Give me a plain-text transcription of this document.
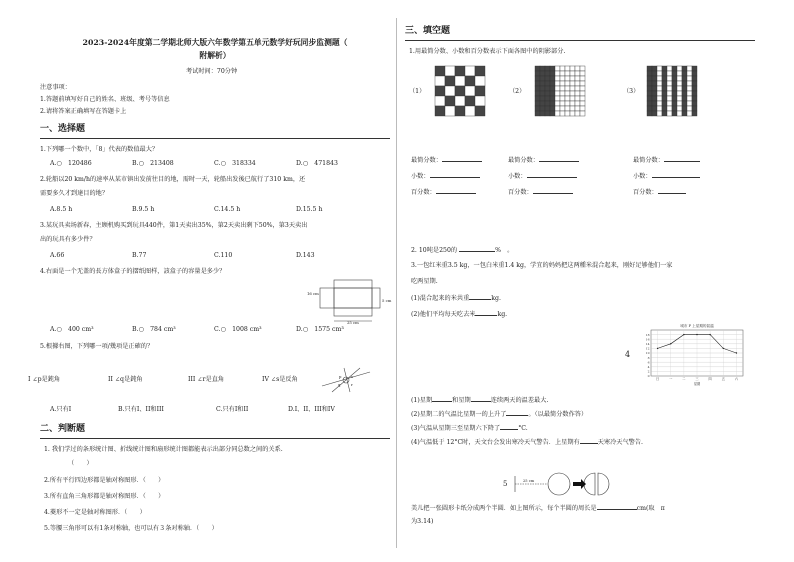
2023-2024年度第二学期北师大版六年数学第五单元数学好玩同步监测题（
附解析）
考试时间：70分钟
注意事项：
1.答题前填写好自己的姓名、班级、考号等信息
2.请将答案正确填写在答题卡上
一、选择题
1.下列哪一个数中，「8」代表的数值最大？
A.○　120486	B.○　213408	C.○　318334	D.○　471843
2.轮船以20 km/h的速率从某市镇出发前往目的地，需时一天，轮船出发後已航行了310 km，还
需要多久才到達目的地？
A.8.5 h	B.9.5 h	C.14.5 h	D.15.5 h
3.某玩具卖场新春，主顾机购买到玩具440件，第1天卖出35%，第2天卖出剩下50%，第3天卖出
出的玩具有多少件？
A.66	B.77	C.110	D.143
4.右面是一个无盖的長方体盒子的摺纸图样，該盒子的容量是多少？
16 cm
5 cm
25 cm
A.○　400 cm³	B.○　784 cm³	C.○　1008 cm³	D.○　1575 cm³
5.根據右图，下列哪一項/幾項是正確的？
I ∠p是鈍角	II ∠q是鈍角	III ∠r是直角	IV ∠s是反角	p	s
q	r
A.只有I	B.只有I、II和III	C.只有I和II	D.I、II、III和IV
二、判断题
1. 我们学过的条形统计图、折线统计图和扇形统计图都能表示出部分同总数之间的关系.
（　　）
2.所有平行四边形都是轴对称图形．（　　）
3.所有直角三角形都是轴对称图形．（　　）
4.菱形不一定是轴对称图形．（　　）
5.等腰三角形可以有1条对称轴，也可以有３条对称轴．（　　）
三、填空题
1.用最简分数、小数和百分数表示下面各图中的阴影部分.
（1）	（2）	（3）
最简分数：	最简分数：	最简分数：
小数：	小数：	小数：
百分数：	百分数：	百分数：
2. 10吨是250的	%　。
3.一包红米重3.5 kg，一包白米重1.4 kg，学宜的妈妈把这两種米混合起来，刚好足够他们一家
吃两星期.
(1)混合起来的米共重	kg.
(2)他们平均每天吃去米	kg.
4
城市 P 上星期的氣溫
0
2
4
6
8
10
12
14
16
18
日	一	二	三	四	五	六
星期
(1)星期	和星期	连续两天的温差最大.
(2)星期二的气温比星期一的上升了	。（以最简分数作答）
(3)气温从星期三至星期六下降了	°C.
(4)气温低于 12°C时，天文台会发出寒冷天气警告．上星期有	天寒冷天气警告.
5	25 cm
美儿把一张圆形卡纸分成两个半圆．如上图所示，每个半圆的周长是	cm(取　π
为3.14)
